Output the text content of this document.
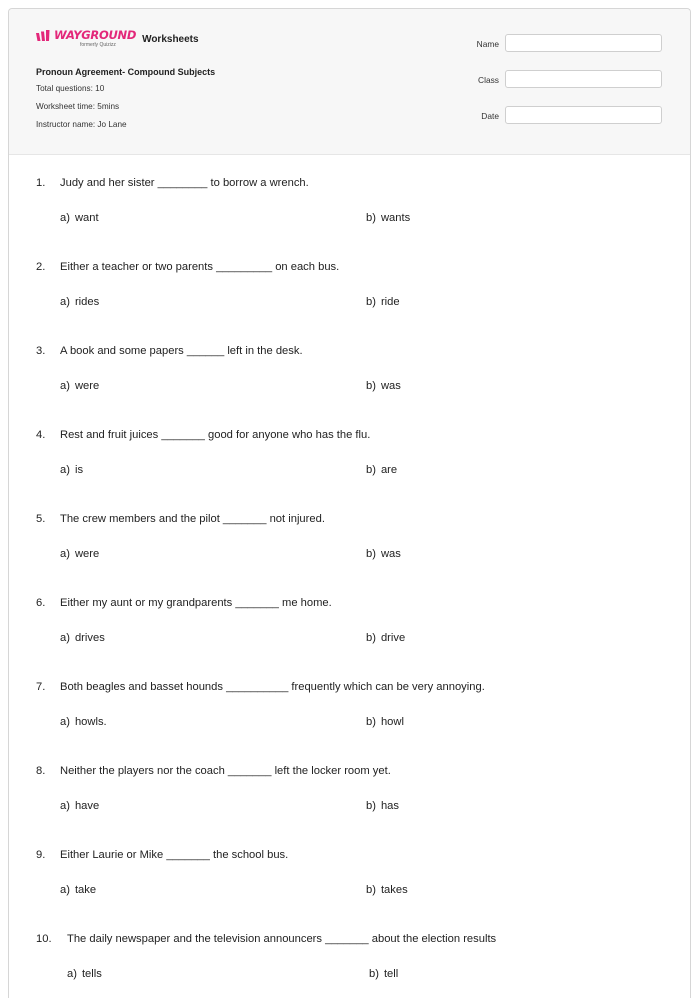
WAYGROUND
formerly Quizizz	Worksheets
Pronoun Agreement- Compound Subjects
Total questions: 10
Worksheet time: 5mins
Instructor name: Jo Lane
Name
Class
Date
1. Judy and her sister ________ to borrow a wrench.
a) want	b) wants
2. Either a teacher or two parents _________ on each bus.
a) rides	b) ride
3. A book and some papers ______ left in the desk.
a) were	b) was
4. Rest and fruit juices _______ good for anyone who has the flu.
a) is	b) are
5. The crew members and the pilot _______ not injured.
a) were	b) was
6. Either my aunt or my grandparents _______ me home.
a) drives	b) drive
7. Both beagles and basset hounds __________ frequently which can be very annoying.
a) howls.	b) howl
8. Neither the players nor the coach _______ left the locker room yet.
a) have	b) has
9. Either Laurie or Mike _______ the school bus.
a) take	b) takes
10. The daily newspaper and the television announcers _______ about the election results
a) tells	b) tell
